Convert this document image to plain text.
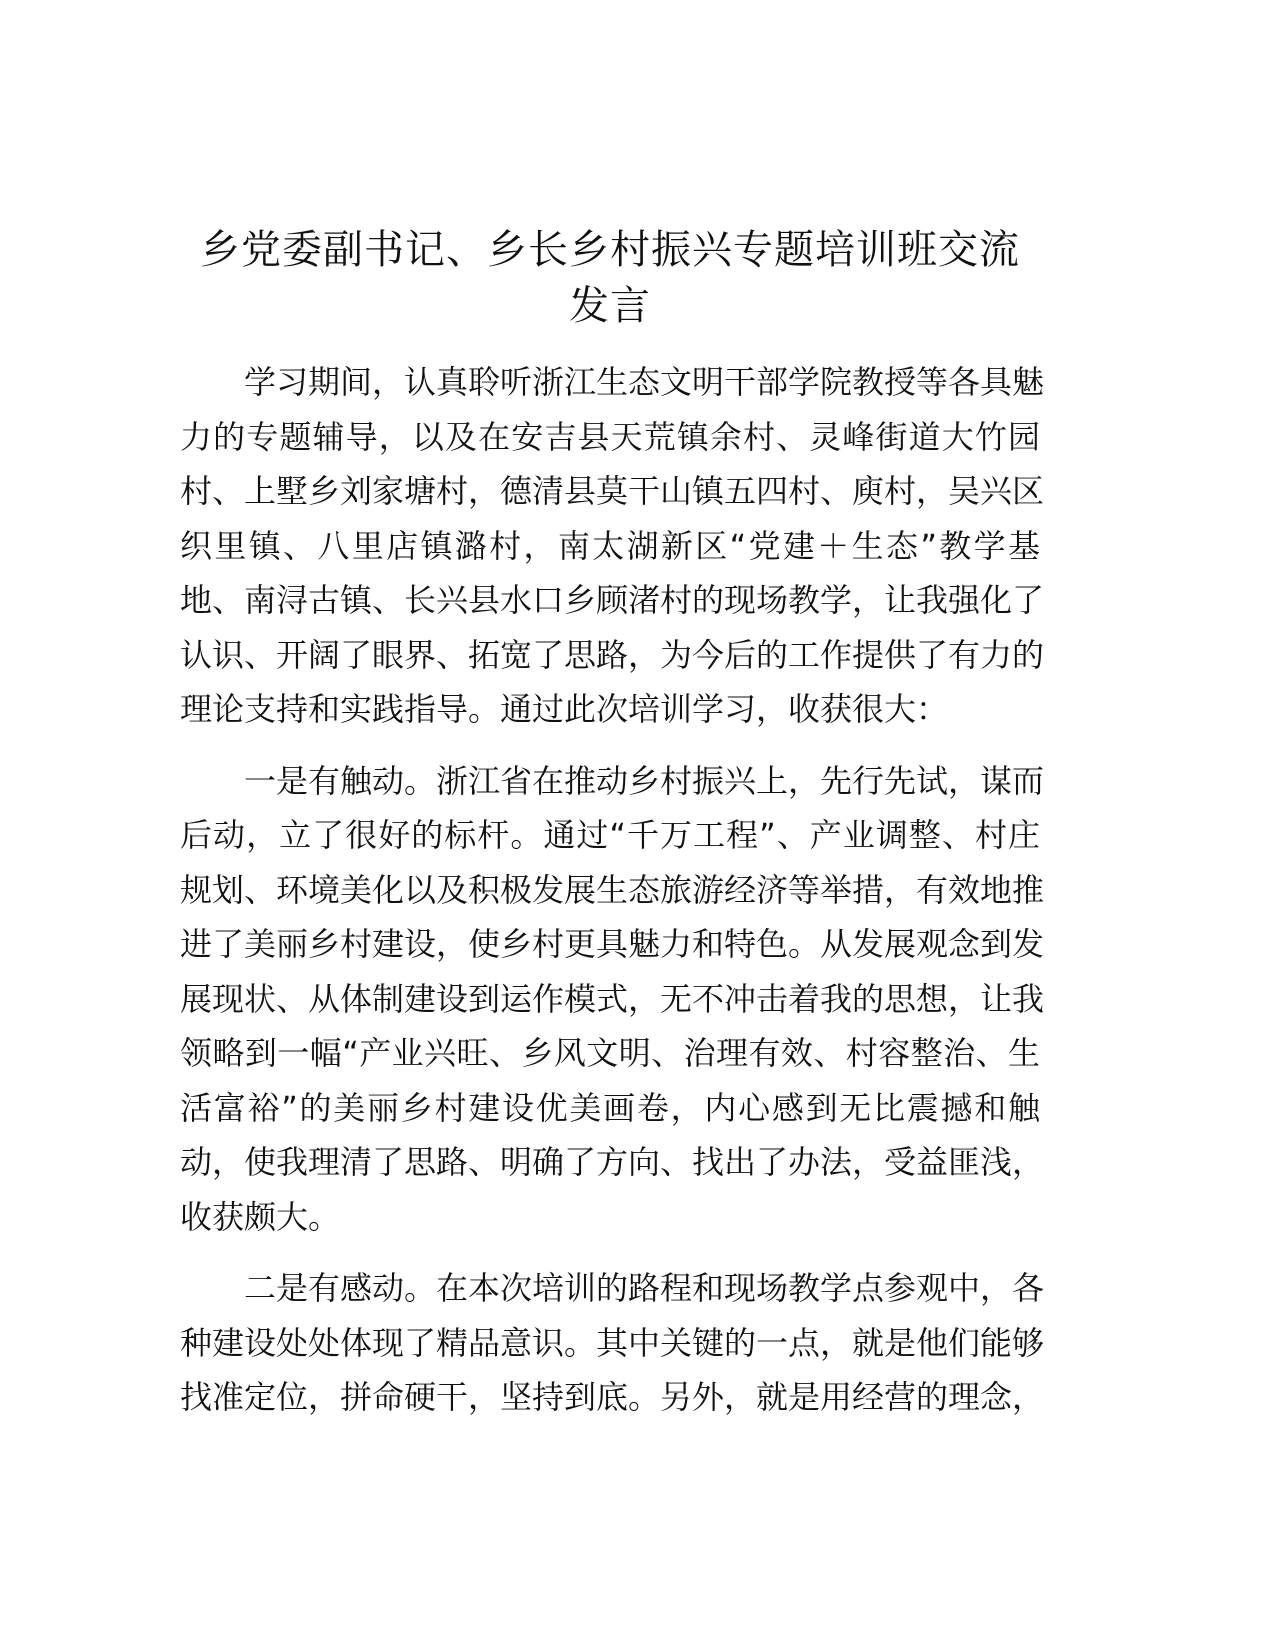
乡党委副书记、乡长乡村振兴专题培训班交流
发言

学习期间，认真聆听浙江生态文明干部学院教授等各具魅
力的专题辅导，以及在安吉县天荒镇余村、灵峰街道大竹园
村、上墅乡刘家塘村，德清县莫干山镇五四村、庾村，吴兴区
织里镇、八里店镇潞村，南太湖新区“党建＋生态”教学基
地、南浔古镇、长兴县水口乡顾渚村的现场教学，让我强化了
认识、开阔了眼界、拓宽了思路，为今后的工作提供了有力的
理论支持和实践指导。通过此次培训学习，收获很大：

一是有触动。浙江省在推动乡村振兴上，先行先试，谋而
后动，立了很好的标杆。通过“千万工程”、产业调整、村庄
规划、环境美化以及积极发展生态旅游经济等举措，有效地推
进了美丽乡村建设，使乡村更具魅力和特色。从发展观念到发
展现状、从体制建设到运作模式，无不冲击着我的思想，让我
领略到一幅“产业兴旺、乡风文明、治理有效、村容整治、生
活富裕”的美丽乡村建设优美画卷，内心感到无比震撼和触
动，使我理清了思路、明确了方向、找出了办法，受益匪浅，
收获颇大。

二是有感动。在本次培训的路程和现场教学点参观中，各
种建设处处体现了精品意识。其中关键的一点，就是他们能够
找准定位，拼命硬干，坚持到底。另外，就是用经营的理念，
